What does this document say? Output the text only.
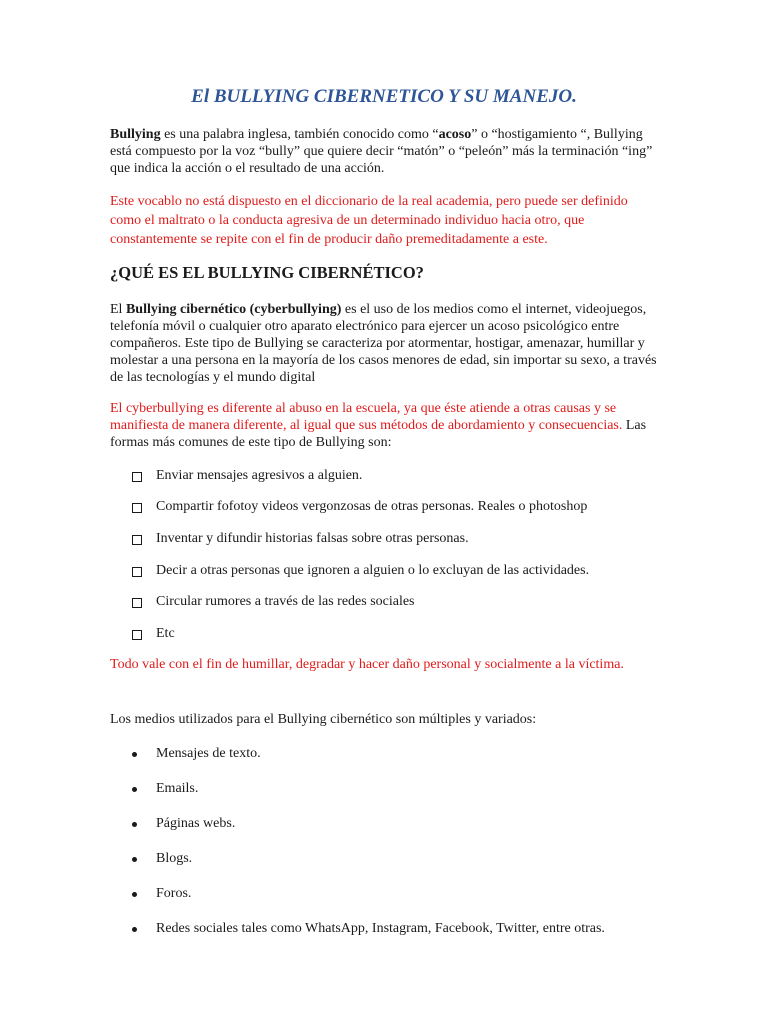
El BULLYING CIBERNETICO Y SU MANEJO.

Bullying es una palabra inglesa, también conocido como “acoso” o “hostigamiento “, Bullying está compuesto por la voz “bully” que quiere decir “matón” o “pelеón” más la terminación “ing” que indica la acción o el resultado de una acción.

Este vocablo no está dispuesto en el diccionario de la real academia, pero puede ser definido como el maltrato o la conducta agresiva de un determinado individuo hacia otro, que constantemente se repite con el fin de producir daño premeditadamente a este.

¿QUÉ ES EL BULLYING CIBERNÉTICO?

El Bullying cibernético (cyberbullying) es el uso de los medios como el internet, videojuegos, telefonía móvil o cualquier otro aparato electrónico para ejercer un acoso psicológico entre compañeros. Este tipo de Bullying se caracteriza por atormentar, hostigar, amenazar, humillar y molestar a una persona en la mayoría de los casos menores de edad, sin importar su sexo, a través de las tecnologías y el mundo digital

El cyberbullying es diferente al abuso en la escuela, ya que éste atiende a otras causas y se manifiesta de manera diferente, al igual que sus métodos de abordamiento y consecuencias. Las formas más comunes de este tipo de Bullying son:

Enviar mensajes agresivos a alguien.
Compartir fofotoy videos vergonzosas de otras personas. Reales o photoshop
Inventar y difundir historias falsas sobre otras personas.
Decir a otras personas que ignoren a alguien o lo excluyan de las actividades.
Circular rumores a través de las redes sociales
Etc

Todo vale con el fin de humillar, degradar y hacer daño personal y socialmente a la víctima.

Los medios utilizados para el Bullying cibernético son múltiples y variados:

Mensajes de texto.
Emails.
Páginas webs.
Blogs.
Foros.
Redes sociales tales como WhatsApp, Instagram, Facebook, Twitter, entre otras.
